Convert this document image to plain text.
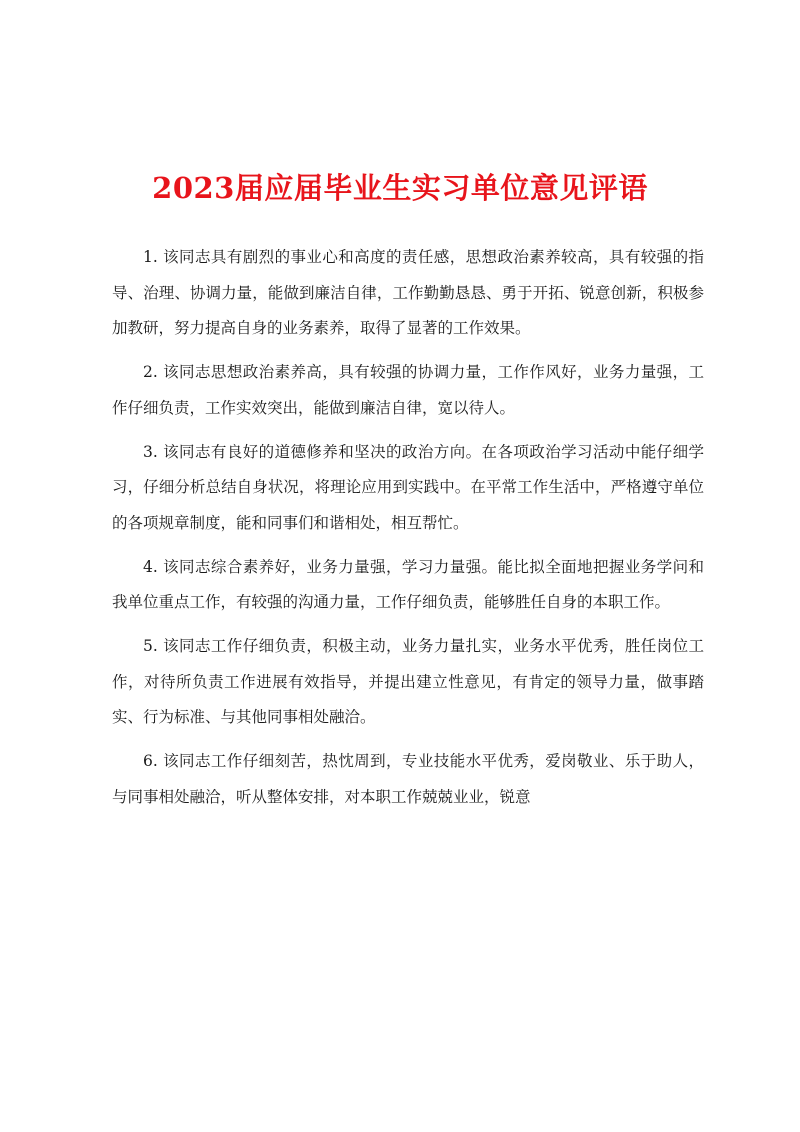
2023届应届毕业生实习单位意见评语

1. 该同志具有剧烈的事业心和高度的责任感，思想政治素养较高，具有较强的指导、治理、协调力量，能做到廉洁自律，工作勤勤恳恳、勇于开拓、锐意创新，积极参加教研，努力提高自身的业务素养，取得了显著的工作效果。

2. 该同志思想政治素养高，具有较强的协调力量，工作作风好，业务力量强，工作仔细负责，工作实效突出，能做到廉洁自律，宽以待人。

3. 该同志有良好的道德修养和坚决的政治方向。在各项政治学习活动中能仔细学习，仔细分析总结自身状况，将理论应用到实践中。在平常工作生活中，严格遵守单位的各项规章制度，能和同事们和谐相处，相互帮忙。

4. 该同志综合素养好，业务力量强，学习力量强。能比拟全面地把握业务学问和我单位重点工作，有较强的沟通力量，工作仔细负责，能够胜任自身的本职工作。

5. 该同志工作仔细负责，积极主动，业务力量扎实，业务水平优秀，胜任岗位工作，对待所负责工作进展有效指导，并提出建立性意见，有肯定的领导力量，做事踏实、行为标准、与其他同事相处融洽。

6. 该同志工作仔细刻苦，热忱周到，专业技能水平优秀，爱岗敬业、乐于助人，与同事相处融洽，听从整体安排，对本职工作兢兢业业，锐意
